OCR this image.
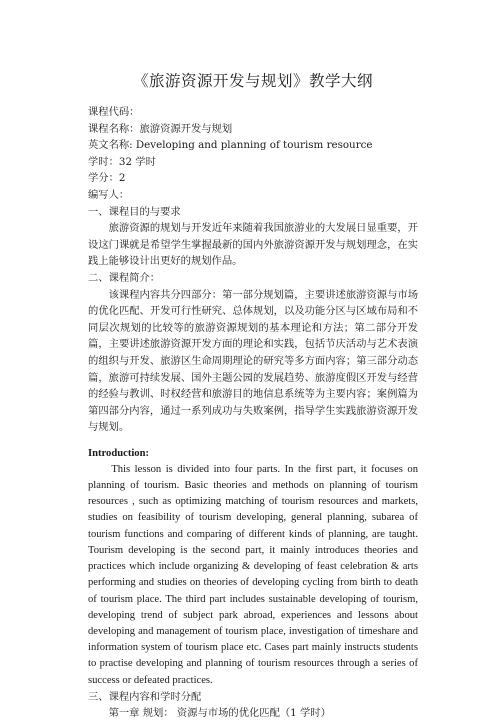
《旅游资源开发与规划》教学大纲

课程代码：

课程名称：旅游资源开发与规划

英文名称: Developing and planning of tourism resource

学时：32 学时

学分：2

编写人：

一、课程目的与要求

旅游资源的规划与开发近年来随着我国旅游业的大发展日显重要，开设这门课就是希望学生掌握最新的国内外旅游资源开发与规划理念，在实践上能够设计出更好的规划作品。

二、课程简介：

该课程内容共分四部分：第一部分规划篇，主要讲述旅游资源与市场的优化匹配、开发可行性研究、总体规划，以及功能分区与区域布局和不同层次规划的比较等的旅游资源规划的基本理论和方法；第二部分开发篇，主要讲述旅游资源开发方面的理论和实践，包括节庆活动与艺术表演的组织与开发、旅游区生命周期理论的研究等多方面内容；第三部分动态篇，旅游可持续发展、国外主题公园的发展趋势、旅游度假区开发与经营的经验与教训、时权经营和旅游目的地信息系统等为主要内容；案例篇为第四部分内容，通过一系列成功与失败案例，指导学生实践旅游资源开发与规划。

Introduction:

This lesson is divided into four parts. In the first part, it focuses on planning of tourism. Basic theories and methods on planning of tourism resources , such as optimizing matching of tourism resources and markets, studies on feasibility of tourism developing, general planning, subarea of tourism functions and comparing of different kinds of planning, are taught. Tourism developing is the second part, it mainly introduces theories and practices which include organizing & developing of feast celebration & arts performing and studies on theories of developing cycling from birth to death of tourism place. The third part includes sustainable developing of tourism, developing trend of subject park abroad, experiences and lessons about developing and management of tourism place, investigation of timeshare and information system of tourism place etc. Cases part mainly instructs students to practise developing and planning of tourism resources through a series of success or defeated practices.

三、课程内容和学时分配

第一章 规划： 资源与市场的优化匹配（1 学时）
